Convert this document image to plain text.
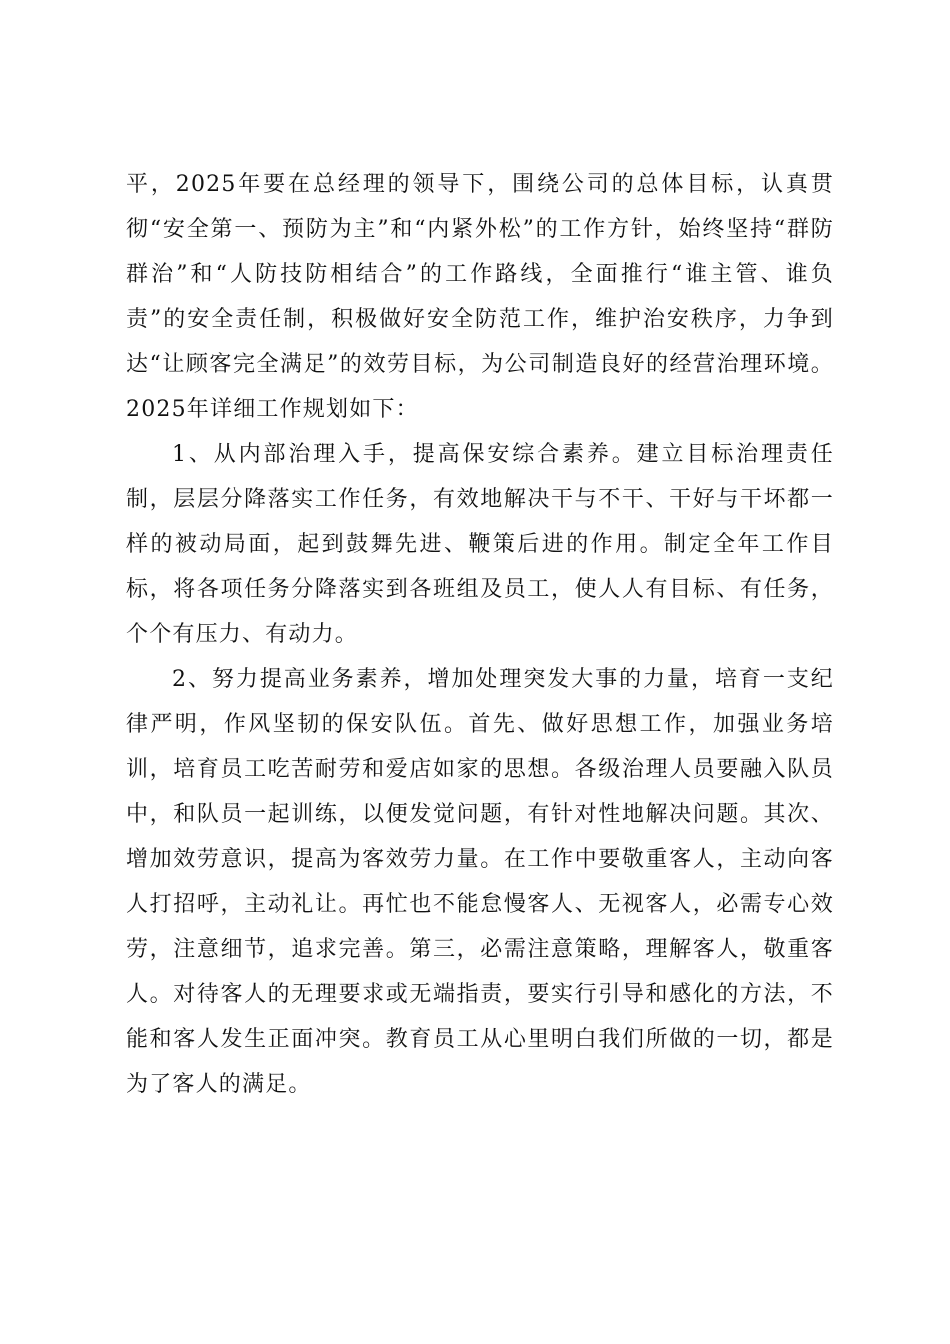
平，2025年要在总经理的领导下，围绕公司的总体目标，认真贯彻“安全第一、预防为主”和“内紧外松”的工作方针，始终坚持“群防群治”和“人防技防相结合”的工作路线，全面推行“谁主管、谁负责”的安全责任制，积极做好安全防范工作，维护治安秩序，力争到达“让顾客完全满足”的效劳目标，为公司制造良好的经营治理环境。2025年详细工作规划如下：

1、从内部治理入手，提高保安综合素养。建立目标治理责任制，层层分降落实工作任务，有效地解决干与不干、干好与干坏都一样的被动局面，起到鼓舞先进、鞭策后进的作用。制定全年工作目标，将各项任务分降落实到各班组及员工，使人人有目标、有任务，个个有压力、有动力。

2、努力提高业务素养，增加处理突发大事的力量，培育一支纪律严明，作风坚韧的保安队伍。首先、做好思想工作，加强业务培训，培育员工吃苦耐劳和爱店如家的思想。各级治理人员要融入队员中，和队员一起训练，以便发觉问题，有针对性地解决问题。其次、增加效劳意识，提高为客效劳力量。在工作中要敬重客人，主动向客人打招呼，主动礼让。再忙也不能怠慢客人、无视客人，必需专心效劳，注意细节，追求完善。第三，必需注意策略，理解客人，敬重客人。对待客人的无理要求或无端指责，要实行引导和感化的方法，不能和客人发生正面冲突。教育员工从心里明白我们所做的一切，都是为了客人的满足。
